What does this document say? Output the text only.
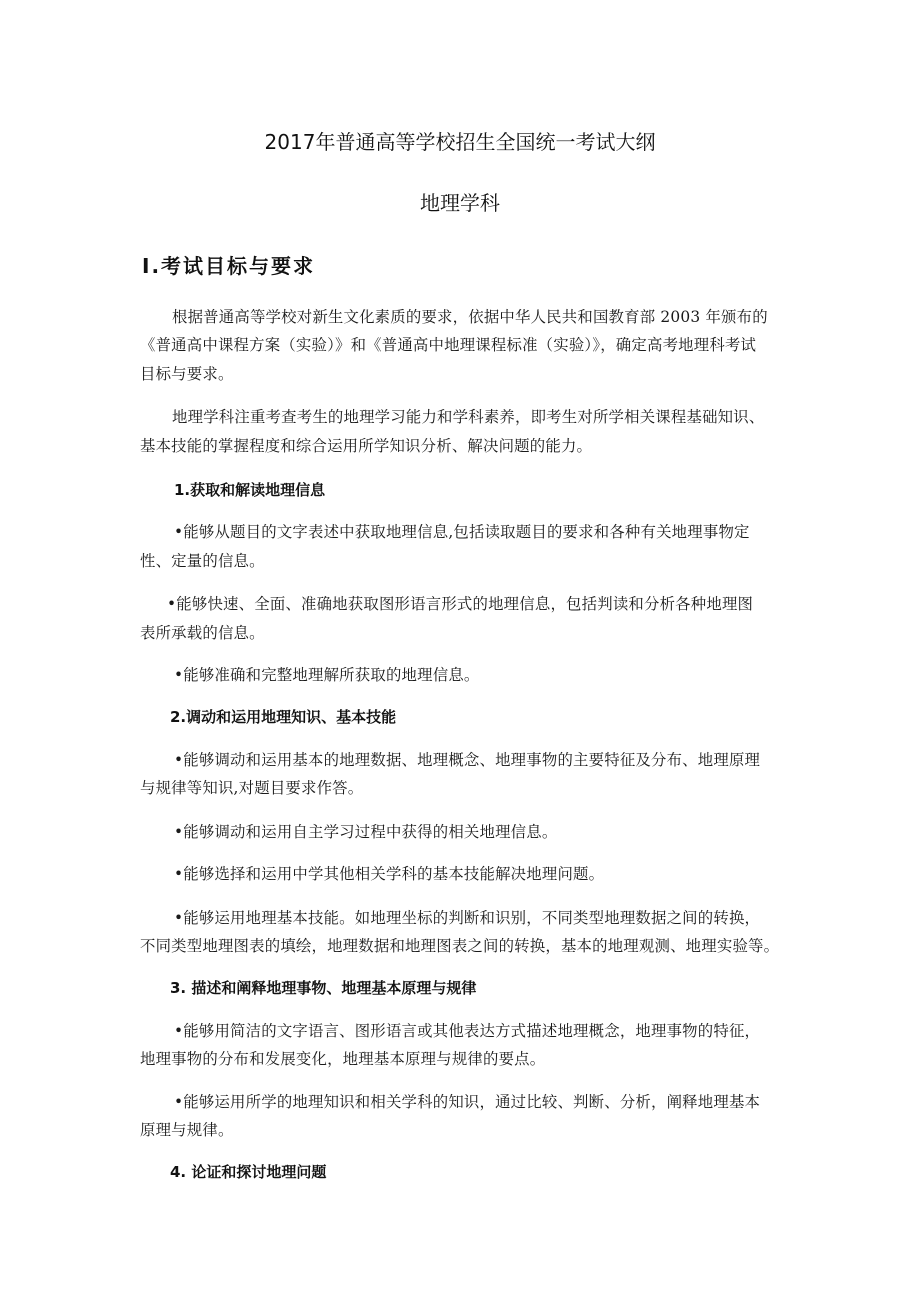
2017年普通高等学校招生全国统一考试大纲
地理学科
Ⅰ.考试目标与要求
根据普通高等学校对新生文化素质的要求，依据中华人民共和国教育部 2003 年颁布的
《普通高中课程方案（实验）》和《普通高中地理课程标准（实验）》，确定高考地理科考试
目标与要求。
地理学科注重考查考生的地理学习能力和学科素养，即考生对所学相关课程基础知识、
基本技能的掌握程度和综合运用所学知识分析、解决问题的能力。
1.获取和解读地理信息
•能够从题目的文字表述中获取地理信息,包括读取题目的要求和各种有关地理事物定
性、定量的信息。
•能够快速、全面、准确地获取图形语言形式的地理信息，包括判读和分析各种地理图
表所承载的信息。
•能够准确和完整地理解所获取的地理信息。
2.调动和运用地理知识、基本技能
•能够调动和运用基本的地理数据、地理概念、地理事物的主要特征及分布、地理原理
与规律等知识,对题目要求作答。
•能够调动和运用自主学习过程中获得的相关地理信息。
•能够选择和运用中学其他相关学科的基本技能解决地理问题。
•能够运用地理基本技能。如地理坐标的判断和识别，不同类型地理数据之间的转换，
不同类型地理图表的填绘，地理数据和地理图表之间的转换，基本的地理观测、地理实验等。
3. 描述和阐释地理事物、地理基本原理与规律
•能够用简洁的文字语言、图形语言或其他表达方式描述地理概念，地理事物的特征，
地理事物的分布和发展变化，地理基本原理与规律的要点。
•能够运用所学的地理知识和相关学科的知识，通过比较、判断、分析，阐释地理基本
原理与规律。
4. 论证和探讨地理问题
